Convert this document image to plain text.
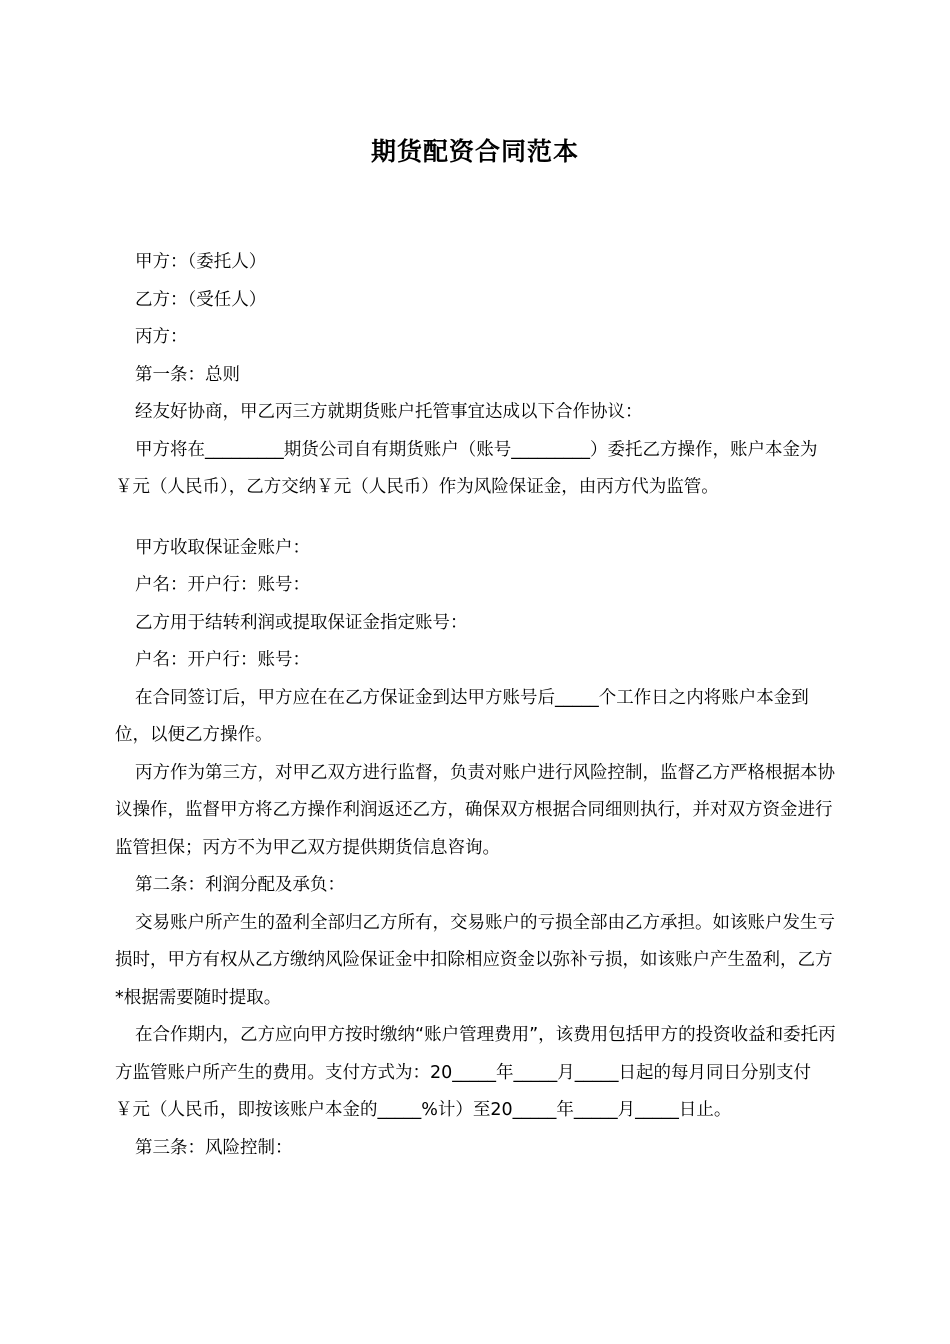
期货配资合同范本

甲方：（委托人）

乙方：（受任人）

丙方：

第一条：总则

经友好协商，甲乙丙三方就期货账户托管事宜达成以下合作协议：

甲方将在_________期货公司自有期货账户（账号_________）委托乙方操作，账户本金为￥元（人民币），乙方交纳￥元（人民币）作为风险保证金，由丙方代为监管。

甲方收取保证金账户：

户名：开户行：账号：

乙方用于结转利润或提取保证金指定账号：

户名：开户行：账号：

在合同签订后，甲方应在在乙方保证金到达甲方账号后_____个工作日之内将账户本金到位，以便乙方操作。

丙方作为第三方，对甲乙双方进行监督，负责对账户进行风险控制，监督乙方严格根据本协议操作，监督甲方将乙方操作利润返还乙方，确保双方根据合同细则执行，并对双方资金进行监管担保；丙方不为甲乙双方提供期货信息咨询。

第二条：利润分配及承负：

交易账户所产生的盈利全部归乙方所有，交易账户的亏损全部由乙方承担。如该账户发生亏损时，甲方有权从乙方缴纳风险保证金中扣除相应资金以弥补亏损，如该账户产生盈利，乙方*根据需要随时提取。

在合作期内，乙方应向甲方按时缴纳“账户管理费用”，该费用包括甲方的投资收益和委托丙方监管账户所产生的费用。支付方式为：20_____年_____月_____日起的每月同日分别支付￥元（人民币，即按该账户本金的_____%计）至20_____年_____月_____日止。

第三条：风险控制：
